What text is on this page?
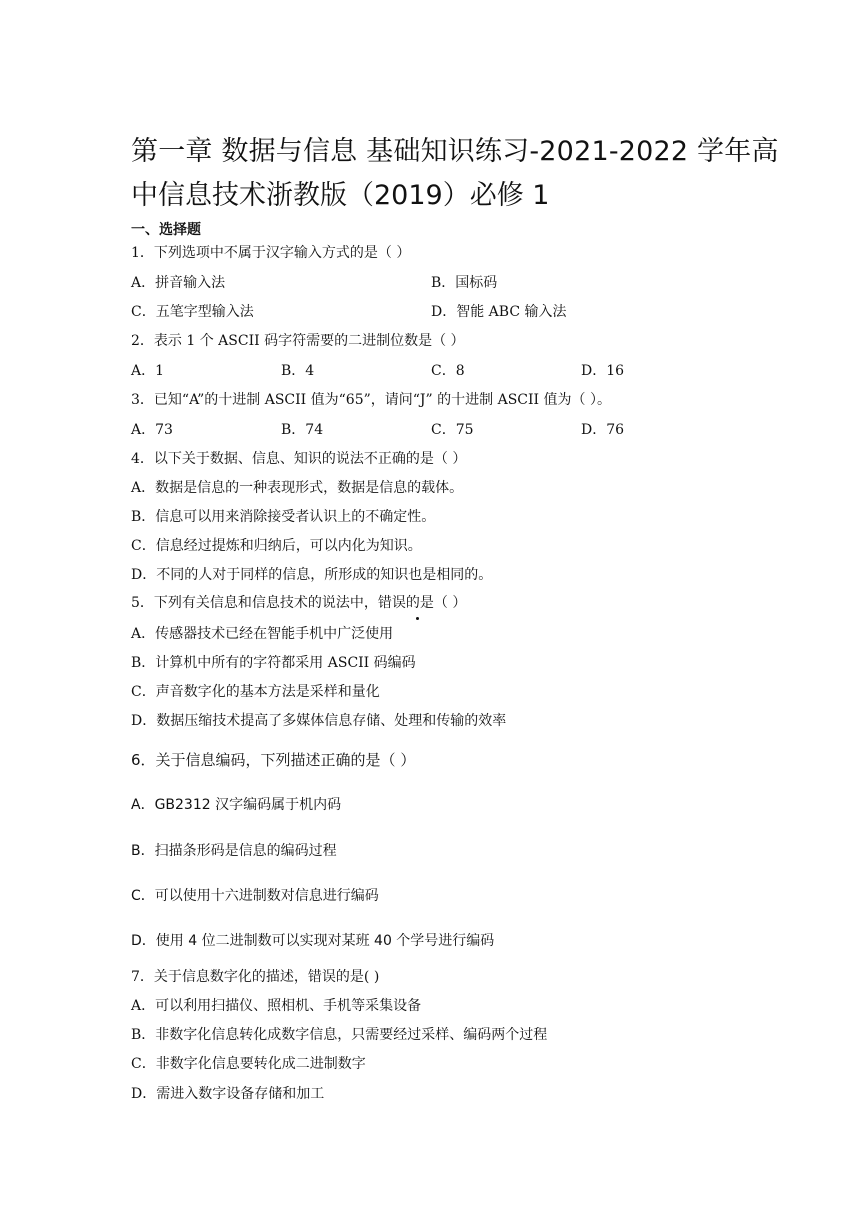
第一章 数据与信息 基础知识练习-2021-2022 学年高
中信息技术浙教版（2019）必修 1
一、选择题
1．下列选项中不属于汉字输入方式的是（ ）
A．拼音输入法	B．国标码
C．五笔字型输入法	D．智能 ABC 输入法
2．表示 1 个 ASCII 码字符需要的二进制位数是（ ）
A．1	B．4	C．8	D．16
3．已知“A”的十进制 ASCII 值为“65”，请问“J” 的十进制 ASCII 值为（ ）。
A．73	B．74	C．75	D．76
4．以下关于数据、信息、知识的说法不正确的是（ ）
A．数据是信息的一种表现形式，数据是信息的载体。
B．信息可以用来消除接受者认识上的不确定性。
C．信息经过提炼和归纳后，可以内化为知识。
D．不同的人对于同样的信息，所形成的知识也是相同的。
5．下列有关信息和信息技术的说法中，错误的是（ ）
A．传感器技术已经在智能手机中广泛使用
B．计算机中所有的字符都采用 ASCII 码编码
C．声音数字化的基本方法是采样和量化
D．数据压缩技术提高了多媒体信息存储、处理和传输的效率
6．关于信息编码，下列描述正确的是（ ）
A．GB2312 汉字编码属于机内码
B．扫描条形码是信息的编码过程
C．可以使用十六进制数对信息进行编码
D．使用 4 位二进制数可以实现对某班 40 个学号进行编码
7．关于信息数字化的描述，错误的是( )
A．可以利用扫描仪、照相机、手机等采集设备
B．非数字化信息转化成数字信息，只需要经过采样、编码两个过程
C．非数字化信息要转化成二进制数字
D．需进入数字设备存储和加工
